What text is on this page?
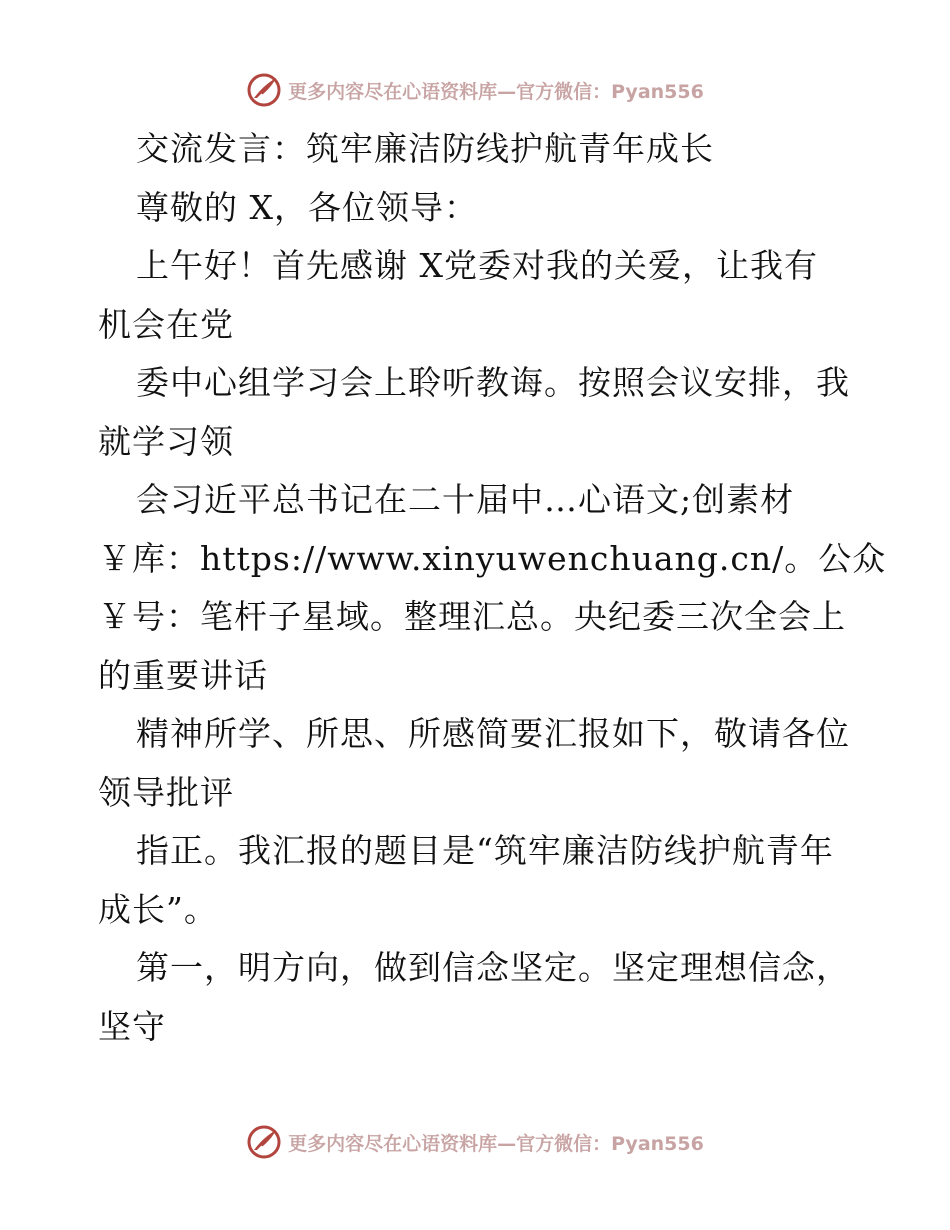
更多内容尽在心语资料库—官方微信：Pyan556
交流发言：筑牢廉洁防线护航青年成长
尊敬的 X，各位领导：
上午好！首先感谢 X党委对我的关爱，让我有
机会在党
委中心组学习会上聆听教诲。按照会议安排，我
就学习领
会习近平总书记在二十届中…心语文;创素材
￥库：https://www.xinyuwenchuang.cn/。公众
￥号：笔杆子星域。整理汇总。央纪委三次全会上
的重要讲话
精神所学、所思、所感简要汇报如下，敬请各位
领导批评
指正。我汇报的题目是“筑牢廉洁防线护航青年
成长”。
第一，明方向，做到信念坚定。坚定理想信念，
坚守
更多内容尽在心语资料库—官方微信：Pyan556
